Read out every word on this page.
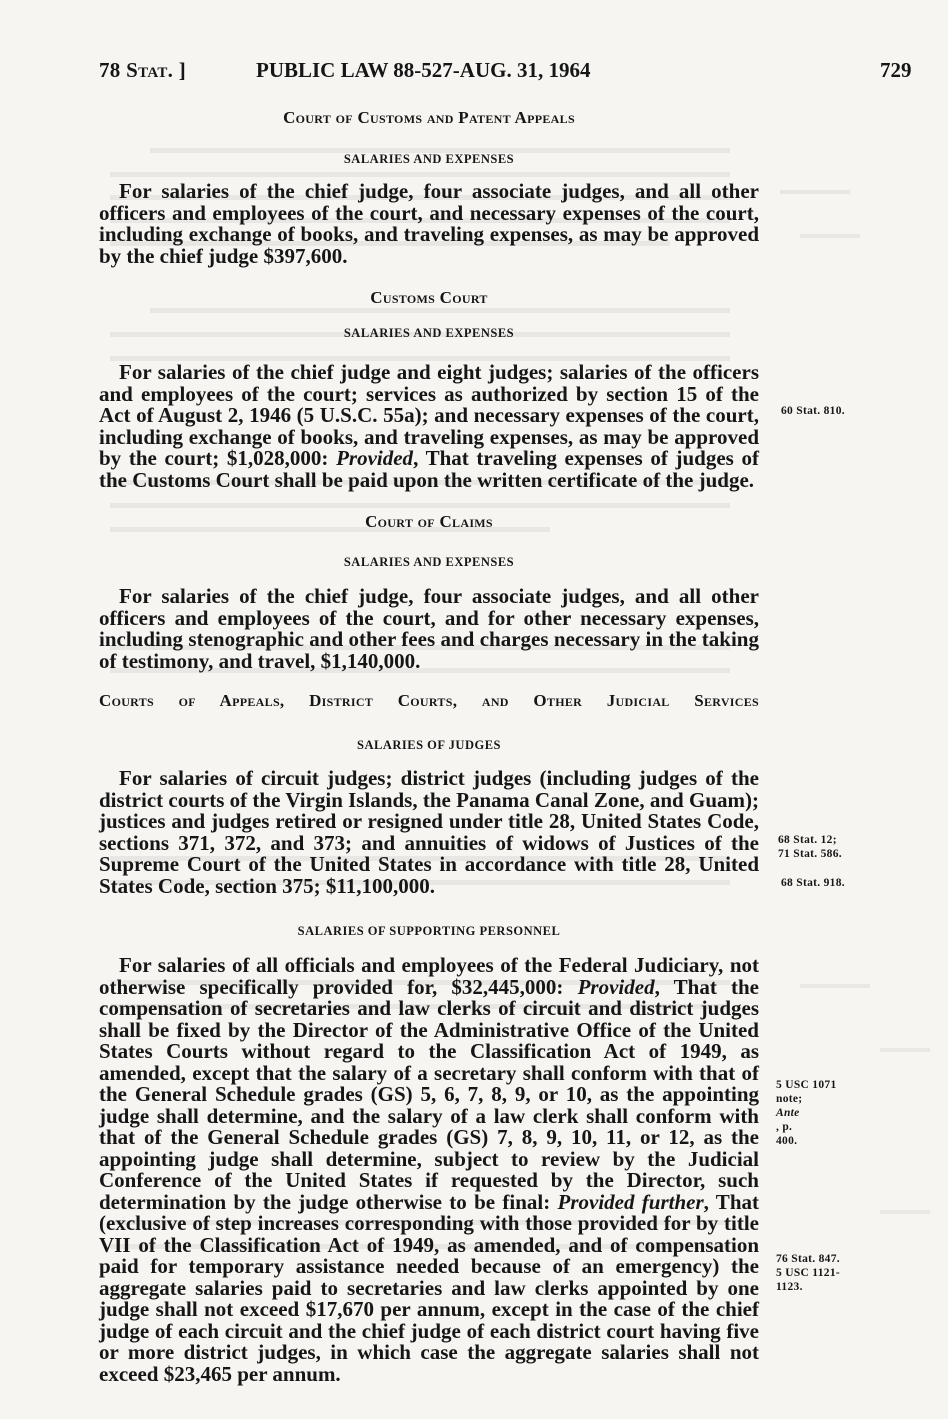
78 Stat. ]	PUBLIC LAW 88-527-AUG. 31, 1964	729
Court of Customs and Patent Appeals
SALARIES AND EXPENSES

For salaries of the chief judge, four associate judges, and all other officers and employees of the court, and necessary expenses of the court, including exchange of books, and traveling expenses, as may be approved by the chief judge $397,600.

Customs Court
SALARIES AND EXPENSES

For salaries of the chief judge and eight judges; salaries of the officers and employees of the court; services as authorized by section 15 of the Act of August 2, 1946 (5 U.S.C. 55a); and necessary expenses of the court, including exchange of books, and traveling expenses, as may be approved by the court; $1,028,000: Provided, That traveling expenses of judges of the Customs Court shall be paid upon the written certificate of the judge.

60 Stat. 810.
Court of Claims
SALARIES AND EXPENSES

For salaries of the chief judge, four associate judges, and all other officers and employees of the court, and for other necessary expenses, including stenographic and other fees and charges necessary in the taking of testimony, and travel, $1,140,000.

Courts of Appeals, District Courts, and Other Judicial Services
SALARIES OF JUDGES

For salaries of circuit judges; district judges (including judges of the district courts of the Virgin Islands, the Panama Canal Zone, and Guam); justices and judges retired or resigned under title 28, United States Code, sections 371, 372, and 373; and annuities of widows of Justices of the Supreme Court of the United States in accordance with title 28, United States Code, section 375; $11,100,000.

68 Stat. 12;
71 Stat. 586.
68 Stat. 918.
SALARIES OF SUPPORTING PERSONNEL

For salaries of all officials and employees of the Federal Judiciary, not otherwise specifically provided for, $32,445,000: Provided, That the compensation of secretaries and law clerks of circuit and district judges shall be fixed by the Director of the Administrative Office of the United States Courts without regard to the Classification Act of 1949, as amended, except that the salary of a secretary shall conform with that of the General Schedule grades (GS) 5, 6, 7, 8, 9, or 10, as the appointing judge shall determine, and the salary of a law clerk shall conform with that of the General Schedule grades (GS) 7, 8, 9, 10, 11, or 12, as the appointing judge shall determine, subject to review by the Judicial Conference of the United States if requested by the Director, such determination by the judge otherwise to be final: Provided further, That (exclusive of step increases corresponding with those provided for by title VII of the Classification Act of 1949, as amended, and of compensation paid for temporary assistance needed because of an emergency) the aggregate salaries paid to secretaries and law clerks appointed by one judge shall not exceed $17,670 per annum, except in the case of the chief judge of each circuit and the chief judge of each district court having five or more district judges, in which case the aggregate salaries shall not exceed $23,465 per annum.

5 USC 1071
note;
Ante
, p.
400.
76 Stat. 847.
5 USC 1121-
1123.
